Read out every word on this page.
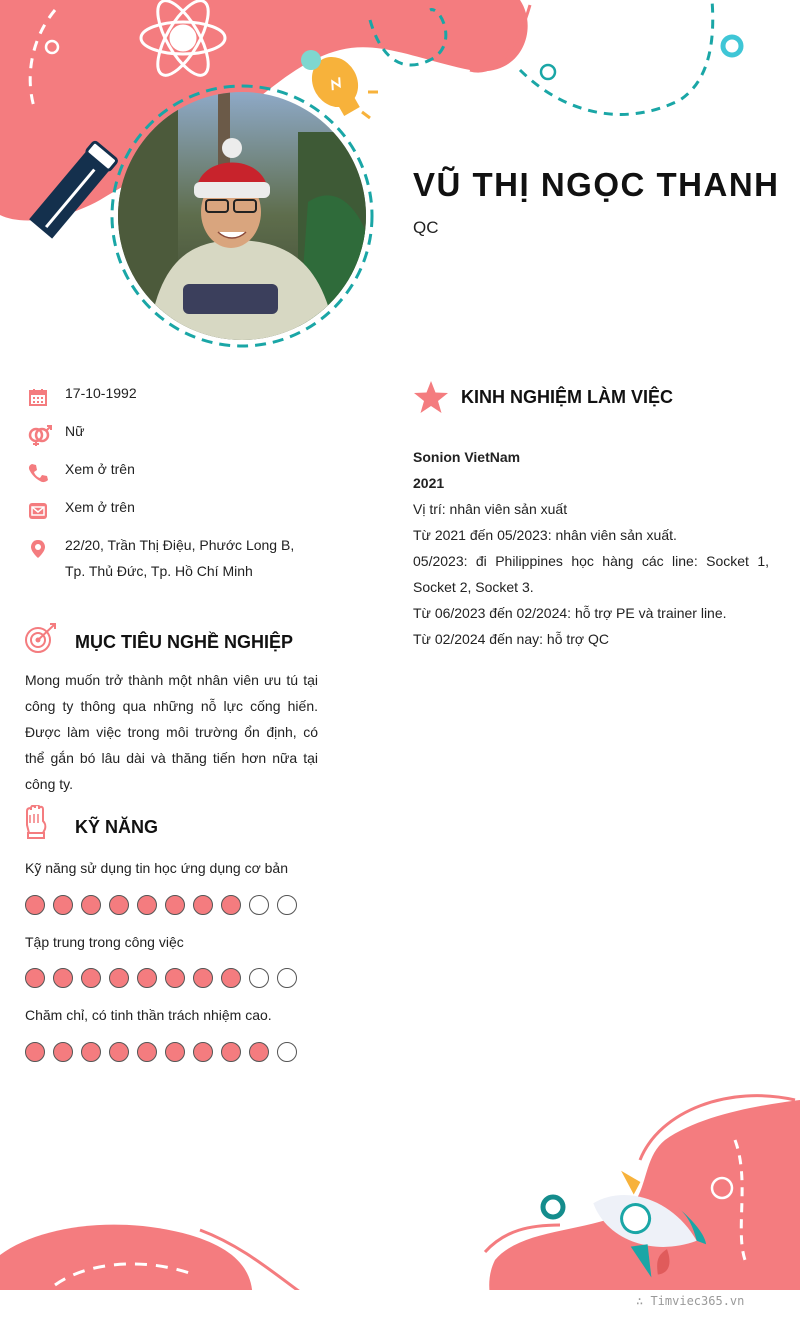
VŨ THỊ NGỌC THANH
QC
17-10-1992
Nữ
Xem ở trên
Xem ở trên
22/20, Trần Thị Điệu, Phước Long B, Tp. Thủ Đức, Tp. Hồ Chí Minh
MỤC TIÊU NGHỀ NGHIỆP
Mong muốn trở thành một nhân viên ưu tú tại công ty thông qua những nỗ lực cống hiến. Được làm việc trong môi trường ổn định, có thể gắn bó lâu dài và thăng tiến hơn nữa tại công ty.
KỸ NĂNG
Kỹ năng sử dụng tin học ứng dụng cơ bản
Tập trung trong công việc
Chăm chỉ, có tinh thần trách nhiệm cao.
KINH NGHIỆM LÀM VIỆC
Sonion VietNam
2021
Vị trí: nhân viên sản xuất
Từ 2021 đến 05/2023: nhân viên sản xuất.
05/2023: đi Philippines học hàng các line: Socket 1, Socket 2, Socket 3.
Từ 06/2023 đến 02/2024: hỗ trợ PE và trainer line.
Từ 02/2024 đến nay: hỗ trợ QC
∴ Timviec365.vn
